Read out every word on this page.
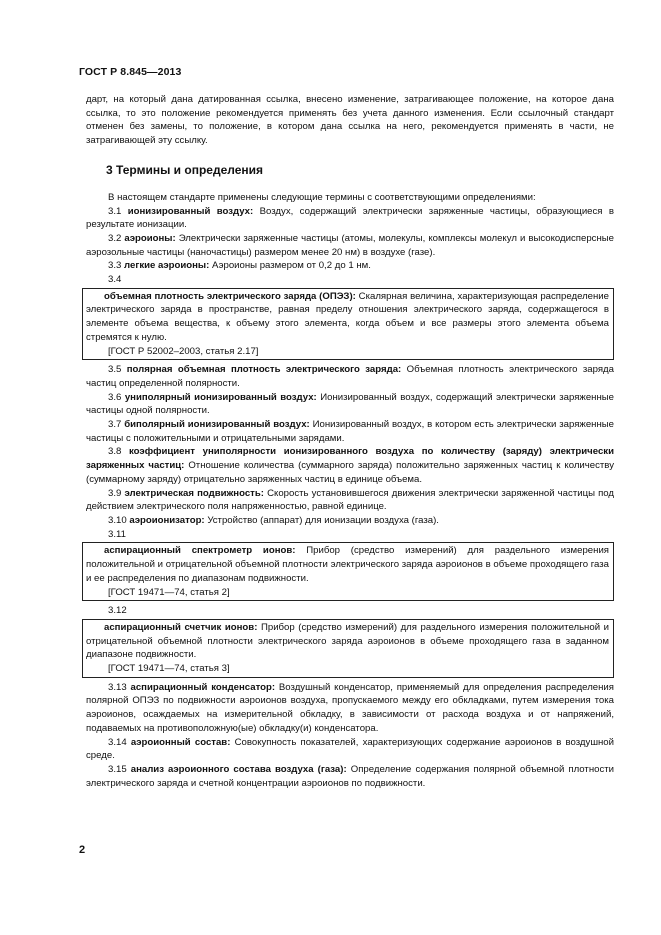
ГОСТ Р 8.845—2013

дарт, на который дана датированная ссылка, внесено изменение, затрагивающее положение, на которое дана ссылка, то это положение рекомендуется применять без учета данного изменения. Если ссылочный стандарт отменен без замены, то положение, в котором дана ссылка на него, рекомендуется применять в части, не затрагивающей эту ссылку.

3 Термины и определения

В настоящем стандарте применены следующие термины с соответствующими определениями:

3.1 ионизированный воздух: Воздух, содержащий электрически заряженные частицы, образующиеся в результате ионизации.

3.2 аэроионы: Электрически заряженные частицы (атомы, молекулы, комплексы молекул и высокодисперсные аэрозольные частицы (наночастицы) размером менее 20 нм) в воздухе (газе).

3.3 легкие аэроионы: Аэроионы размером от 0,2 до 1 нм.

3.4

объемная плотность электрического заряда (ОПЭЗ): Скалярная величина, характеризующая распределение электрического заряда в пространстве, равная пределу отношения электрического заряда, содержащегося в элементе объема вещества, к объему этого элемента, когда объем и все размеры этого элемента объема стремятся к нулю.

[ГОСТ Р 52002–2003, статья 2.17]

3.5 полярная объемная плотность электрического заряда: Объемная плотность электрического заряда частиц определенной полярности.

3.6 униполярный ионизированный воздух: Ионизированный воздух, содержащий электрически заряженные частицы одной полярности.

3.7 биполярный ионизированный воздух: Ионизированный воздух, в котором есть электрически заряженные частицы с положительными и отрицательными зарядами.

3.8 коэффициент униполярности ионизированного воздуха по количеству (заряду) электрически заряженных частиц: Отношение количества (суммарного заряда) положительно заряженных частиц к количеству (суммарному заряду) отрицательно заряженных частиц в единице объема.

3.9 электрическая подвижность: Скорость установившегося движения электрически заряженной частицы под действием электрического поля напряженностью, равной единице.

3.10 аэроионизатор: Устройство (аппарат) для ионизации воздуха (газа).

3.11

аспирационный спектрометр ионов: Прибор (средство измерений) для раздельного измерения положительной и отрицательной объемной плотности электрического заряда аэроионов в объеме проходящего газа и ее распределения по диапазонам подвижности.

[ГОСТ 19471—74, статья 2]

3.12

аспирационный счетчик ионов: Прибор (средство измерений) для раздельного измерения положительной и отрицательной объемной плотности электрического заряда аэроионов в объеме проходящего газа в заданном диапазоне подвижности.

[ГОСТ 19471—74, статья 3]

3.13 аспирационный конденсатор: Воздушный конденсатор, применяемый для определения распределения полярной ОПЭЗ по подвижности аэроионов воздуха, пропускаемого между его обкладками, путем измерения тока аэроионов, осаждаемых на измерительной обкладку, в зависимости от расхода воздуха и от напряжений, подаваемых на противоположную(ые) обкладку(и) конденсатора.

3.14 аэроионный состав: Совокупность показателей, характеризующих содержание аэроионов в воздушной среде.

3.15 анализ аэроионного состава воздуха (газа): Определение содержания полярной объемной плотности электрического заряда и счетной концентрации аэроионов по подвижности.

2
